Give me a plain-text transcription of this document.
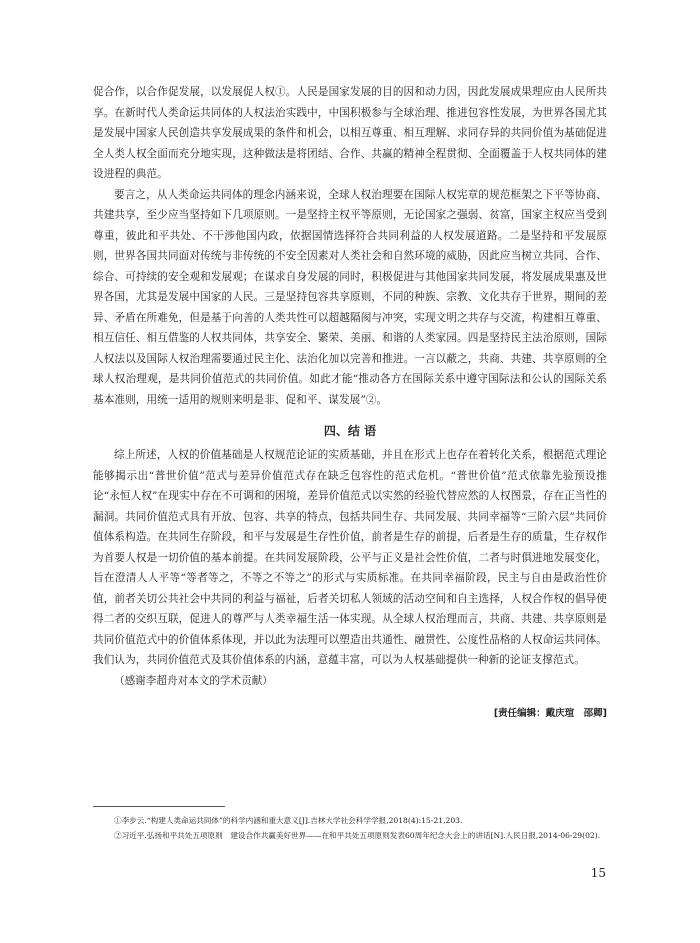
促合作，以合作促发展，以发展促人权①。人民是国家发展的目的因和动力因，因此发展成果理应由人民所共享。在新时代人类命运共同体的人权法治实践中，中国积极参与全球治理、推进包容性发展，为世界各国尤其是发展中国家人民创造共享发展成果的条件和机会，以相互尊重、相互理解、求同存异的共同价值为基础促进全人类人权全面而充分地实现，这种做法是将团结、合作、共赢的精神全程贯彻、全面覆盖于人权共同体的建设进程的典范。

要言之，从人类命运共同体的理念内涵来说，全球人权治理要在国际人权宪章的规范框架之下平等协商、共建共享，至少应当坚持如下几项原则。一是坚持主权平等原则，无论国家之强弱、贫富，国家主权应当受到尊重，彼此和平共处、不干涉他国内政，依据国情选择符合共同利益的人权发展道路。二是坚持和平发展原则，世界各国共同面对传统与非传统的不安全因素对人类社会和自然环境的威胁，因此应当树立共同、合作、综合、可持续的安全观和发展观；在谋求自身发展的同时，积极促进与其他国家共同发展，将发展成果惠及世界各国，尤其是发展中国家的人民。三是坚持包容共享原则，不同的种族、宗教、文化共存于世界，期间的差异、矛盾在所难免，但是基于向善的人类共性可以超越隔阂与冲突，实现文明之共存与交流，构建相互尊重、相互信任、相互借鉴的人权共同体，共享安全、繁荣、美丽、和谐的人类家园。四是坚持民主法治原则，国际人权法以及国际人权治理需要通过民主化、法治化加以完善和推进。一言以蔽之，共商、共建、共享原则的全球人权治理观，是共同价值范式的共同价值。如此才能“推动各方在国际关系中遵守国际法和公认的国际关系基本准则，用统一适用的规则来明是非、促和平、谋发展”②。

四、结 语

综上所述，人权的价值基础是人权规范论证的实质基础，并且在形式上也存在着转化关系，根据范式理论能够揭示出“普世价值”范式与差异价值范式存在缺乏包容性的范式危机。“普世价值”范式依靠先验预设推论“永恒人权”在现实中存在不可调和的困境，差异价值范式以实然的经验代替应然的人权图景，存在正当性的漏洞。共同价值范式具有开放、包容、共享的特点，包括共同生存、共同发展、共同幸福等“三阶六层”共同价值体系构造。在共同生存阶段，和平与发展是生存性价值，前者是生存的前提，后者是生存的质量，生存权作为首要人权是一切价值的基本前提。在共同发展阶段，公平与正义是社会性价值，二者与时俱进地发展变化，旨在澄清人人平等“等者等之，不等之不等之”的形式与实质标准。在共同幸福阶段，民主与自由是政治性价值，前者关切公共社会中共同的利益与福祉，后者关切私人领域的活动空间和自主选择，人权合作权的倡导使得二者的交织互联，促进人的尊严与人类幸福生活一体实现。从全球人权治理而言，共商、共建、共享原则是共同价值范式中的价值体系体现，并以此为法理可以塑造出共通性、融贯性、公度性品格的人权命运共同体。我们认为，共同价值范式及其价值体系的内涵，意蕴丰富，可以为人权基础提供一种新的论证支撑范式。

（感谢李超舟对本文的学术贡献）

[责任编辑：戴庆瑄　邵卿]

①李步云.“构建人类命运共同体”的科学内涵和重大意义[J].吉林大学社会科学学报,2018(4):15-21,203.

②习近平.弘扬和平共处五项原则　建设合作共赢美好世界——在和平共处五项原则发表60周年纪念大会上的讲话[N].人民日报,2014-06-29(02).

15
